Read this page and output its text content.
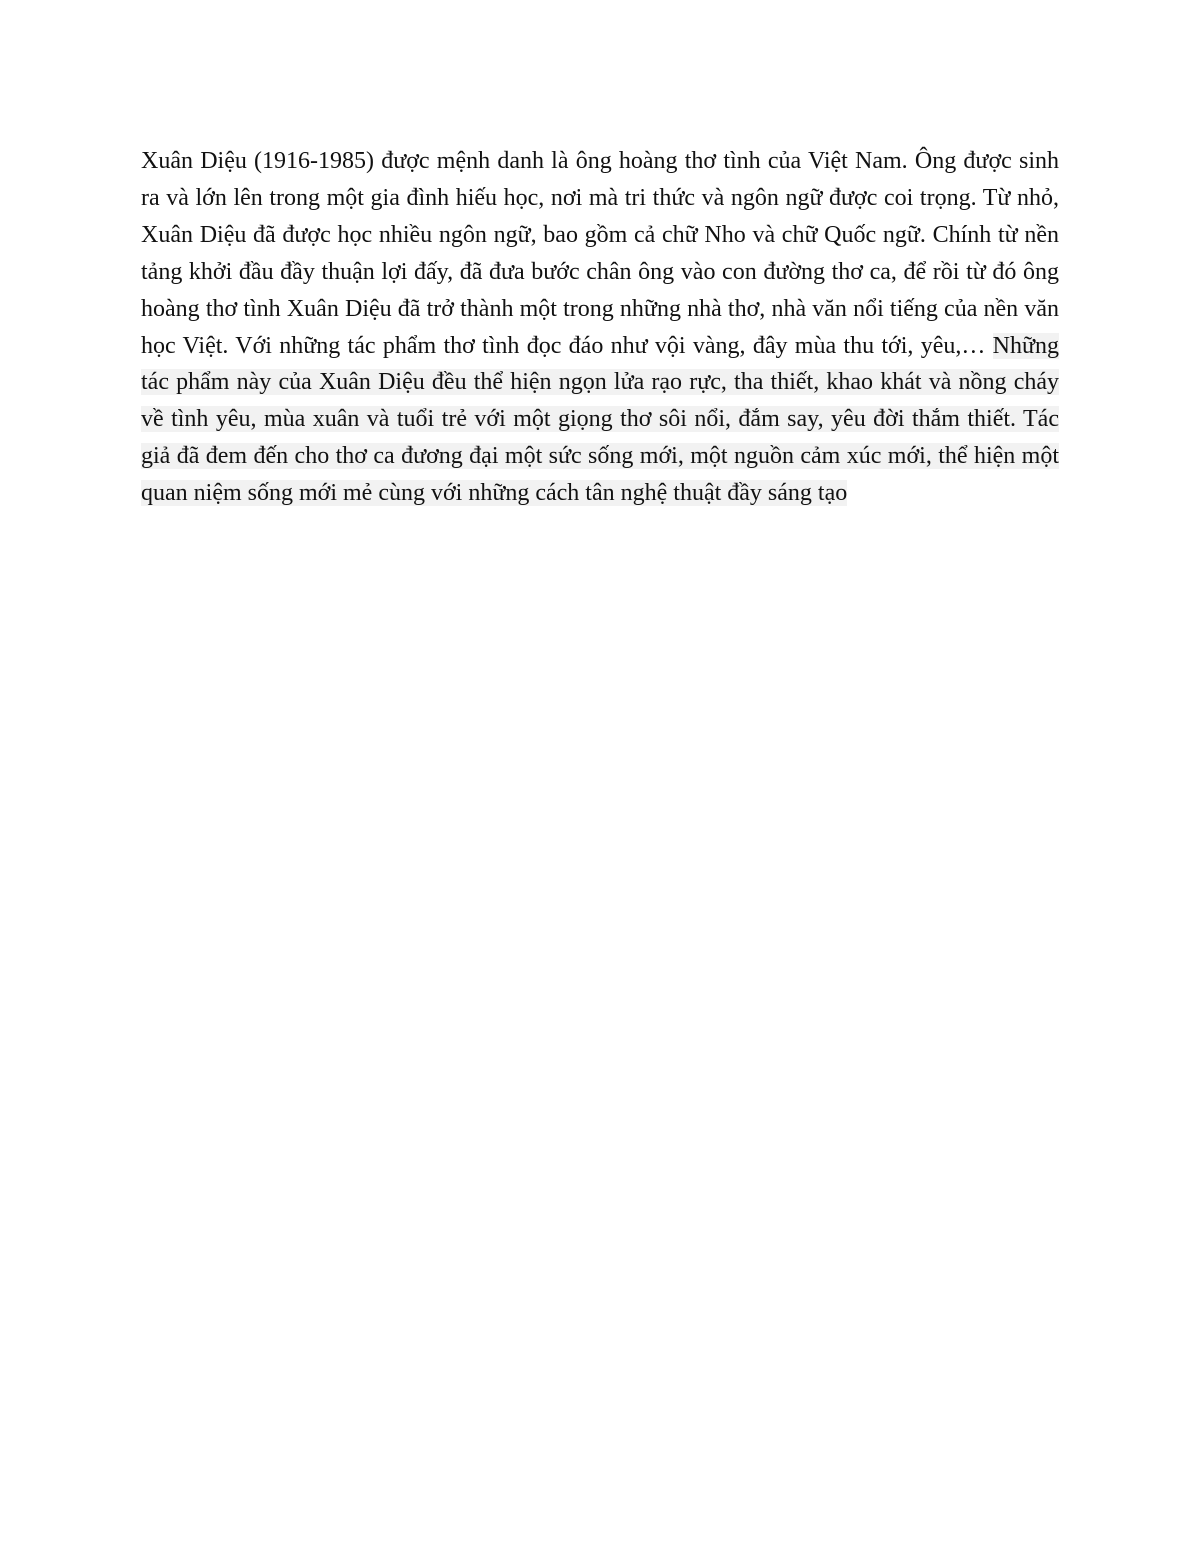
Xuân Diệu (1916-1985) được mệnh danh là ông hoàng thơ tình của Việt Nam. Ông được sinh ra và lớn lên trong một gia đình hiếu học, nơi mà tri thức và ngôn ngữ được coi trọng. Từ nhỏ, Xuân Diệu đã được học nhiều ngôn ngữ, bao gồm cả chữ Nho và chữ Quốc ngữ. Chính từ nền tảng khởi đầu đầy thuận lợi đấy, đã đưa bước chân ông vào con đường thơ ca, để rồi từ đó ông hoàng thơ tình Xuân Diệu đã trở thành một trong những nhà thơ, nhà văn nổi tiếng của nền văn học Việt. Với những tác phẩm thơ tình đọc đáo như vội vàng, đây mùa thu tới, yêu,… Những tác phẩm này của Xuân Diệu đều thể hiện ngọn lửa rạo rực, tha thiết, khao khát và nồng cháy về tình yêu, mùa xuân và tuổi trẻ với một giọng thơ sôi nổi, đắm say, yêu đời thắm thiết. Tác giả đã đem đến cho thơ ca đương đại một sức sống mới, một nguồn cảm xúc mới, thể hiện một quan niệm sống mới mẻ cùng với những cách tân nghệ thuật đầy sáng tạo
